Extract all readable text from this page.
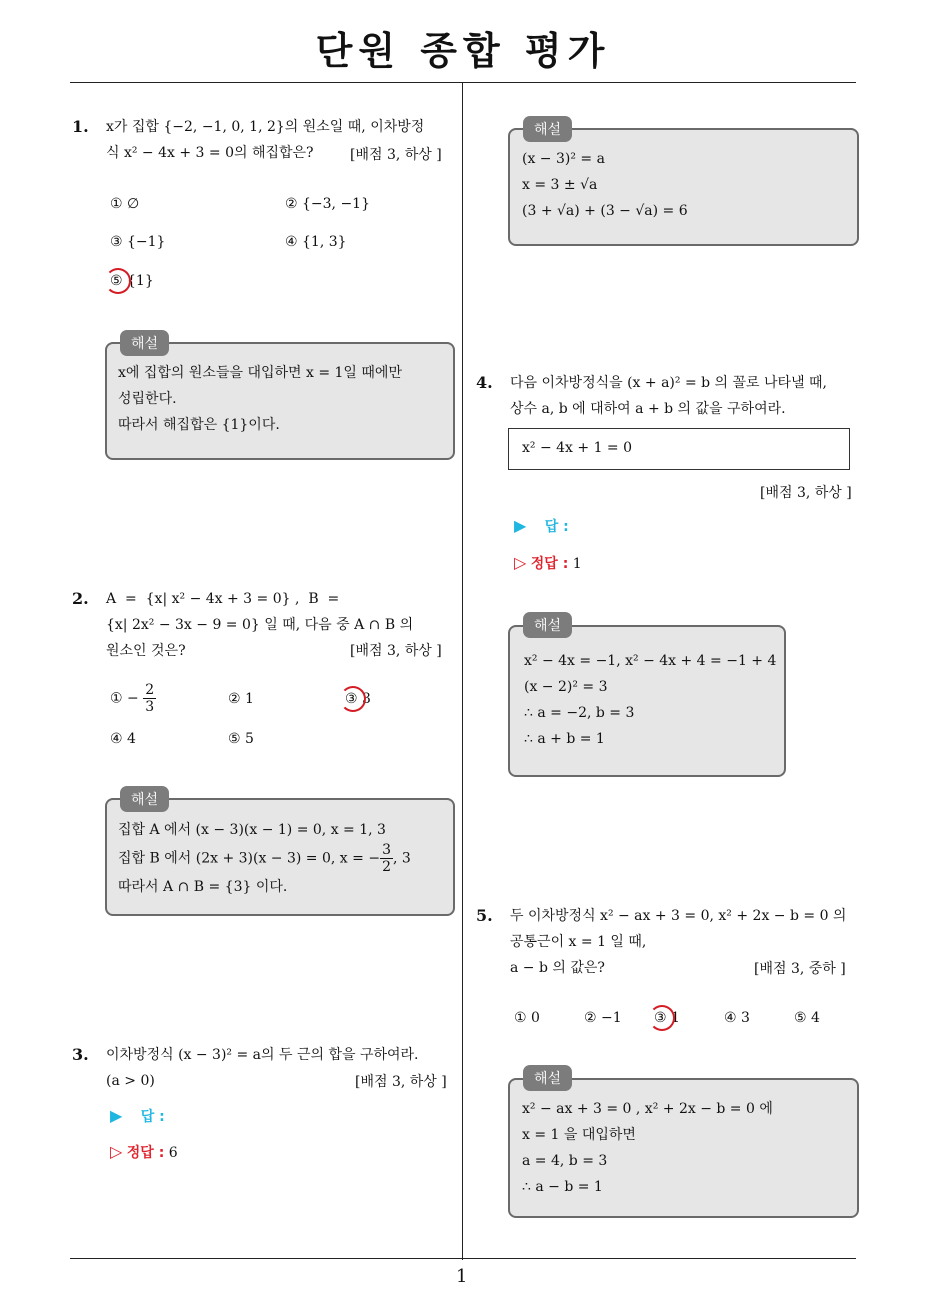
단원 종합 평가
1
1. x가 집합 {−2, −1, 0, 1, 2}의 원소일 때, 이차방정
식 x² − 4x + 3 = 0의 해집합은?	[배점 3, 하상 ]
① ∅	② {−3, −1}
③ {−1}	④ {1, 3}
⑤ {1}
해설
x에 집합의 원소들을 대입하면 x = 1일 때에만
성립한다.
따라서 해집합은 {1}이다.
2. A  =  {x| x² − 4x + 3 = 0} ,  B  =
{x| 2x² − 3x − 9 = 0} 일 때, 다음 중 A ∩ B 의
원소인 것은?	[배점 3, 하상 ]
① − $\frac{2}{3}$	② 1	③ 3
④ 4	⑤ 5
해설
집합 A 에서 (x − 3)(x − 1) = 0, x = 1, 3
집합 B 에서 (2x + 3)(x − 3) = 0, x = − $\frac{3}{2}$ , 3
따라서 A ∩ B = {3} 이다.
3. 이차방정식 (x − 3)² = a의 두 근의 합을 구하여라.
(a > 0)	[배점 3, 하상 ]
▶ 답 :
▷ 정답 : 6
해설
(x − 3)² = a
x = 3 ± √a
(3 + √a) + (3 − √a) = 6
4. 다음 이차방정식을 (x + a)² = b 의 꼴로 나타낼 때,
상수 a, b 에 대하여 a + b 의 값을 구하여라.
x² − 4x + 1 = 0
[배점 3, 하상 ]
▶ 답 :
▷ 정답 : 1
해설
x² − 4x = −1, x² − 4x + 4 = −1 + 4
(x − 2)² = 3
∴ a = −2, b = 3
∴ a + b = 1
5. 두 이차방정식 x² − ax + 3 = 0, x² + 2x − b = 0 의
공통근이 x = 1 일 때,
a − b 의 값은?	[배점 3, 중하 ]
① 0	② −1 ③ 1	④ 3	⑤ 4
해설
x² − ax + 3 = 0 , x² + 2x − b = 0 에
x = 1 을 대입하면
a = 4, b = 3
∴ a − b = 1
